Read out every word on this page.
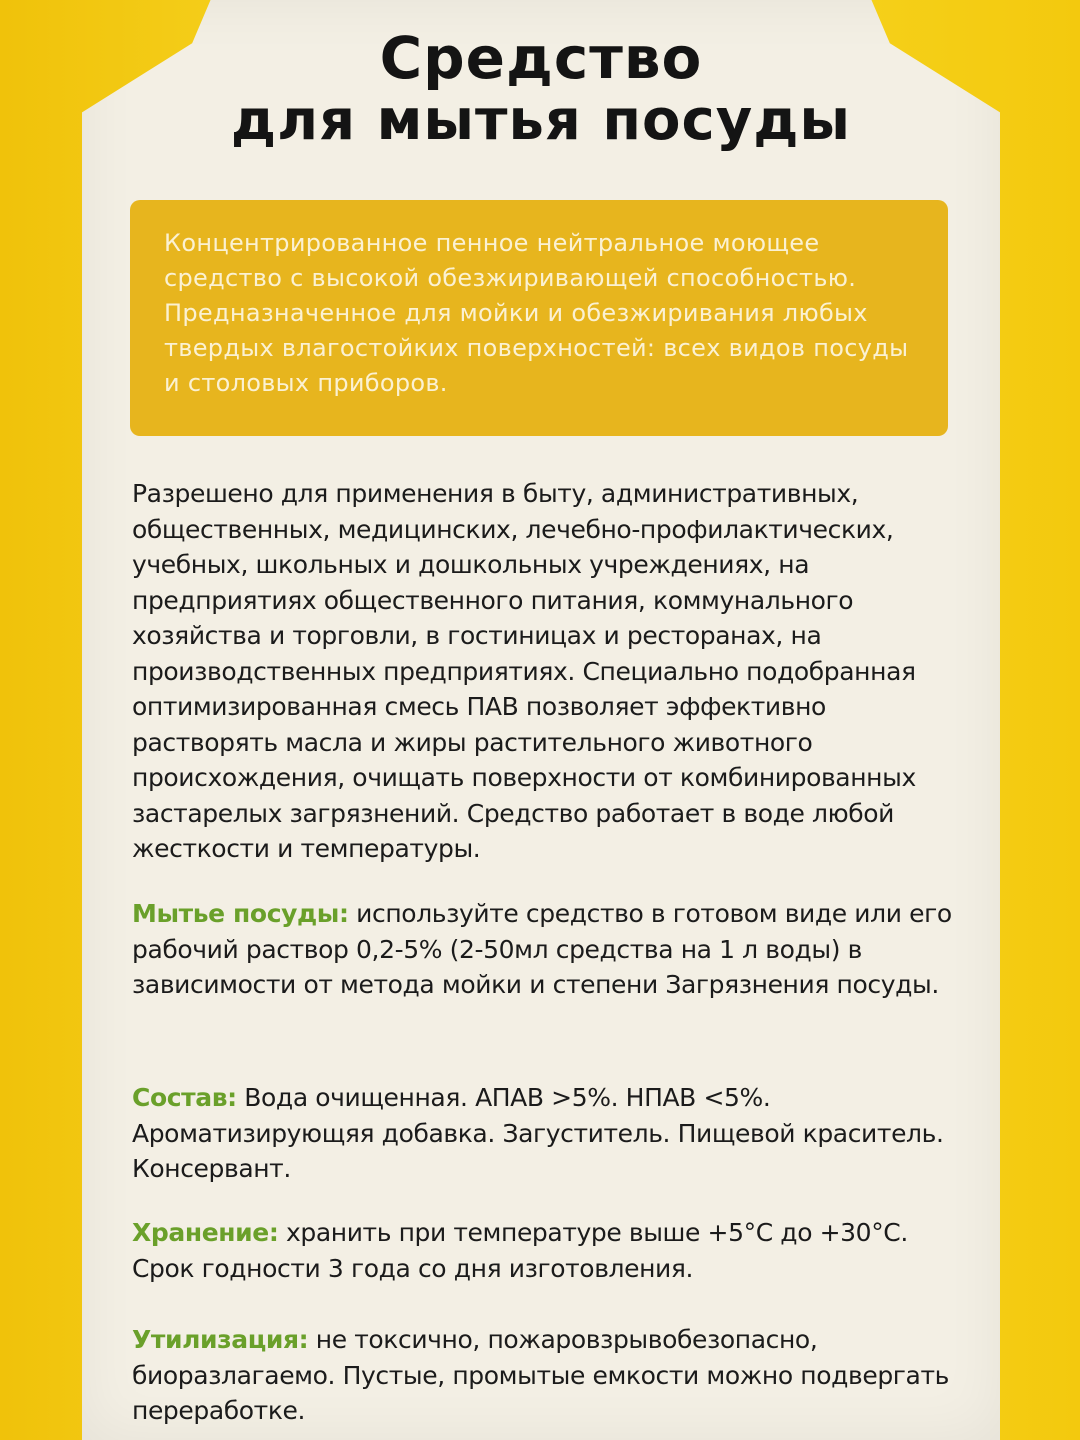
Средство
для мытья посуды

Концентрированное пенное нейтральное моющее средство с высокой обезжиривающей способностью. Предназначенное для мойки и обезжиривания любых твердых влагостойких поверхностей: всех видов посуды и столовых приборов.

Разрешено для применения в быту, административных, общественных, медицинских, лечебно-профилактических, учебных, школьных и дошкольных учреждениях, на предприятиях общественного питания, коммунального хозяйства и торговли, в гостиницах и ресторанах, на производственных предприятиях. Специально подобранная оптимизированная смесь ПАВ позволяет эффективно растворять масла и жиры растительного животного происхождения, очищать поверхности от комбинированных застарелых загрязнений. Средство работает в воде любой жесткости и температуры.

Мытье посуды: используйте средство в готовом виде или его рабочий раствор 0,2-5% (2-50мл средства на 1 л воды) в зависимости от метода мойки и степени Загрязнения посуды.

Состав: Вода очищенная. АПАВ >5%. НПАВ <5%. Ароматизирующяя добавка. Загуститель. Пищевой краситель. Консервант.

Хранение: хранить при температуре выше +5°С до +30°С. Срок годности 3 года со дня изготовления.

Утилизация: не токсично, пожаровзрывобезопасно, биоразлагаемо. Пустые, промытые емкости можно подвергать переработке.
